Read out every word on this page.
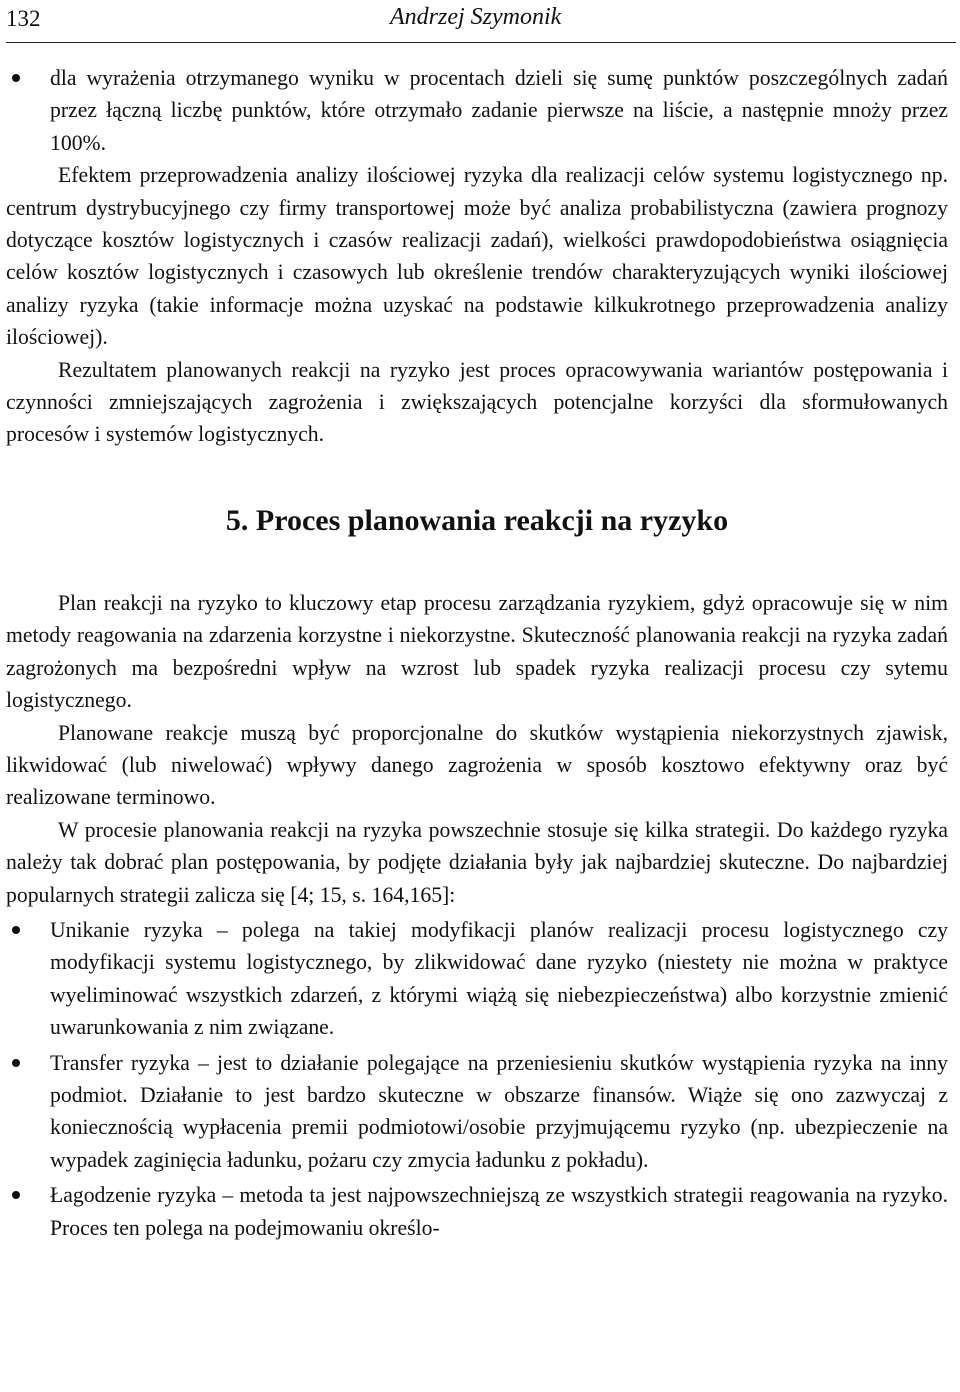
132	Andrzej Szymonik
dla wyrażenia otrzymanego wyniku w procentach dzieli się sumę punktów poszczególnych zadań przez łączną liczbę punktów, które otrzymało zadanie pierwsze na liście, a następnie mnoży przez 100%.

Efektem przeprowadzenia analizy ilościowej ryzyka dla realizacji celów systemu logistycznego np. centrum dystrybucyjnego czy firmy transportowej może być analiza probabilistyczna (zawiera prognozy dotyczące kosztów logistycznych i czasów realizacji zadań), wielkości prawdopodobieństwa osiągnięcia celów kosztów logistycznych i czasowych lub określenie trendów charakteryzujących wyniki ilościowej analizy ryzyka (takie informacje można uzyskać na podstawie kilkukrotnego przeprowadzenia analizy ilościowej).

Rezultatem planowanych reakcji na ryzyko jest proces opracowywania wariantów postępowania i czynności zmniejszających zagrożenia i zwiększających potencjalne korzyści dla sformułowanych procesów i systemów logistycznych.

5. Proces planowania reakcji na ryzyko

Plan reakcji na ryzyko to kluczowy etap procesu zarządzania ryzykiem, gdyż opracowuje się w nim metody reagowania na zdarzenia korzystne i niekorzystne. Skuteczność planowania reakcji na ryzyka zadań zagrożonych ma bezpośredni wpływ na wzrost lub spadek ryzyka realizacji procesu czy sytemu logistycznego.

Planowane reakcje muszą być proporcjonalne do skutków wystąpienia niekorzystnych zjawisk, likwidować (lub niwelować) wpływy danego zagrożenia w sposób kosztowo efektywny oraz być realizowane terminowo.

W procesie planowania reakcji na ryzyka powszechnie stosuje się kilka strategii. Do każdego ryzyka należy tak dobrać plan postępowania, by podjęte działania były jak najbardziej skuteczne. Do najbardziej popularnych strategii zalicza się [4; 15, s. 164,165]:

Unikanie ryzyka – polega na takiej modyfikacji planów realizacji procesu logistycznego czy modyfikacji systemu logistycznego, by zlikwidować dane ryzyko (niestety nie można w praktyce wyeliminować wszystkich zdarzeń, z którymi wiążą się niebezpieczeństwa) albo korzystnie zmienić uwarunkowania z nim związane.
Transfer ryzyka – jest to działanie polegające na przeniesieniu skutków wystąpienia ryzyka na inny podmiot. Działanie to jest bardzo skuteczne w obszarze finansów. Wiąże się ono zazwyczaj z koniecznością wypłacenia premii podmiotowi/osobie przyjmującemu ryzyko (np. ubezpieczenie na wypadek zaginięcia ładunku, pożaru czy zmycia ładunku z pokładu).
Łagodzenie ryzyka – metoda ta jest najpowszechniejszą ze wszystkich strategii reagowania na ryzyko. Proces ten polega na podejmowaniu określo-
